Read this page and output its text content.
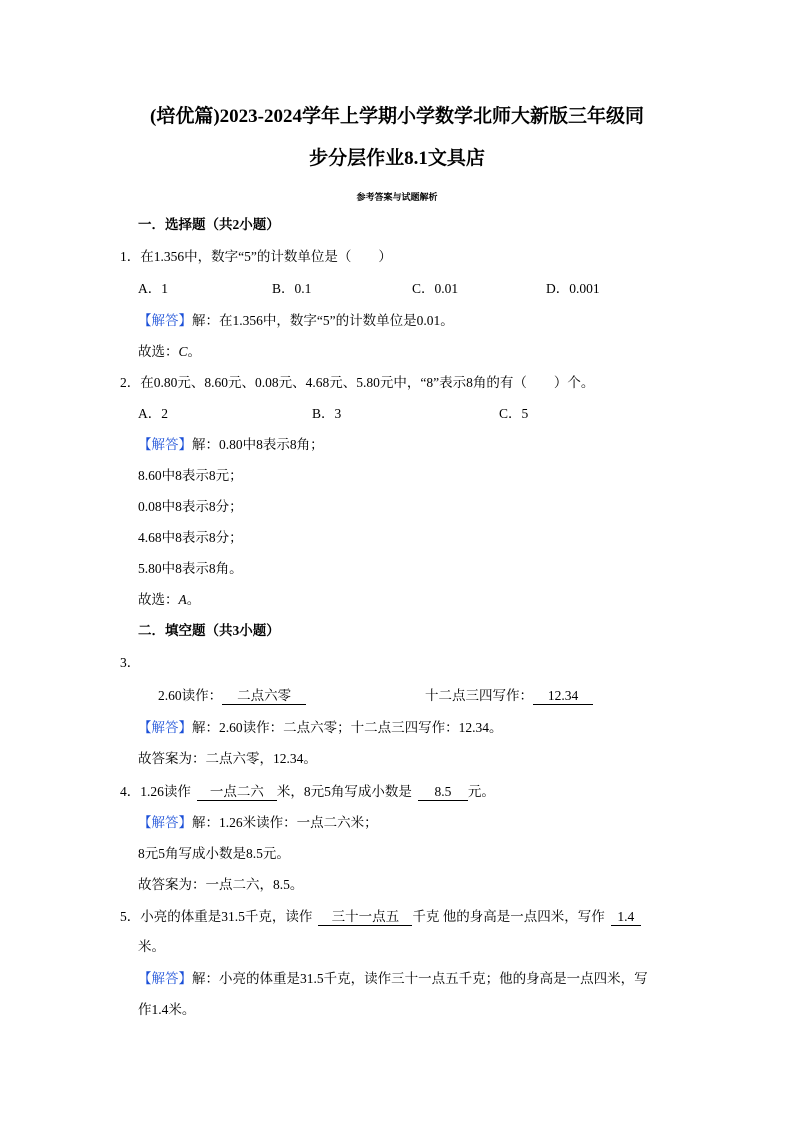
(培优篇)2023-2024学年上学期小学数学北师大新版三年级同
步分层作业8.1文具店
参考答案与试题解析
一．选择题（共2小题）
1．在1.356中，数字“5”的计数单位是（　　）
A．1	B．0.1	C．0.01	D．0.001
【解答】解：在1.356中，数字“5”的计数单位是0.01。
故选：C。
2．在0.80元、8.60元、0.08元、4.68元、5.80元中，“8”表示8角的有（　　）个。
A．2	B．3	C．5
【解答】解：0.80中8表示8角；
8.60中8表示8元；
0.08中8表示8分；
4.68中8表示8分；
5.80中8表示8角。
故选：A。
二．填空题（共3小题）
3．
2.60读作： 二点六零	十二点三四写作： 12.34
【解答】解：2.60读作：二点六零；十二点三四写作：12.34。
故答案为：二点六零，12.34。
4．1.26读作 一点二六 米，8元5角写成小数是 8.5 元。
【解答】解：1.26米读作：一点二六米；
8元5角写成小数是8.5元。
故答案为：一点二六，8.5。
5．小亮的体重是31.5千克，读作 三十一点五 千克 他的身高是一点四米，写作 1.4
米。
【解答】解：小亮的体重是31.5千克，读作三十一点五千克；他的身高是一点四米，写
作1.4米。
